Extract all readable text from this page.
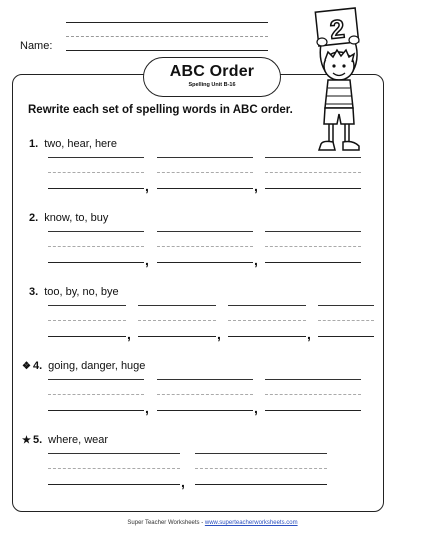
Name:
ABC Order
Spelling Unit B-16
Rewrite each set of spelling words in ABC order.
1. two, hear, here
,	,
2. know, to, buy
,	,
3. too, by, no, bye
,	,	,
❖ 4. going, danger, huge
,	,
★ 5. where, wear
,
2
Super Teacher Worksheets - www.superteacherworksheets.com
